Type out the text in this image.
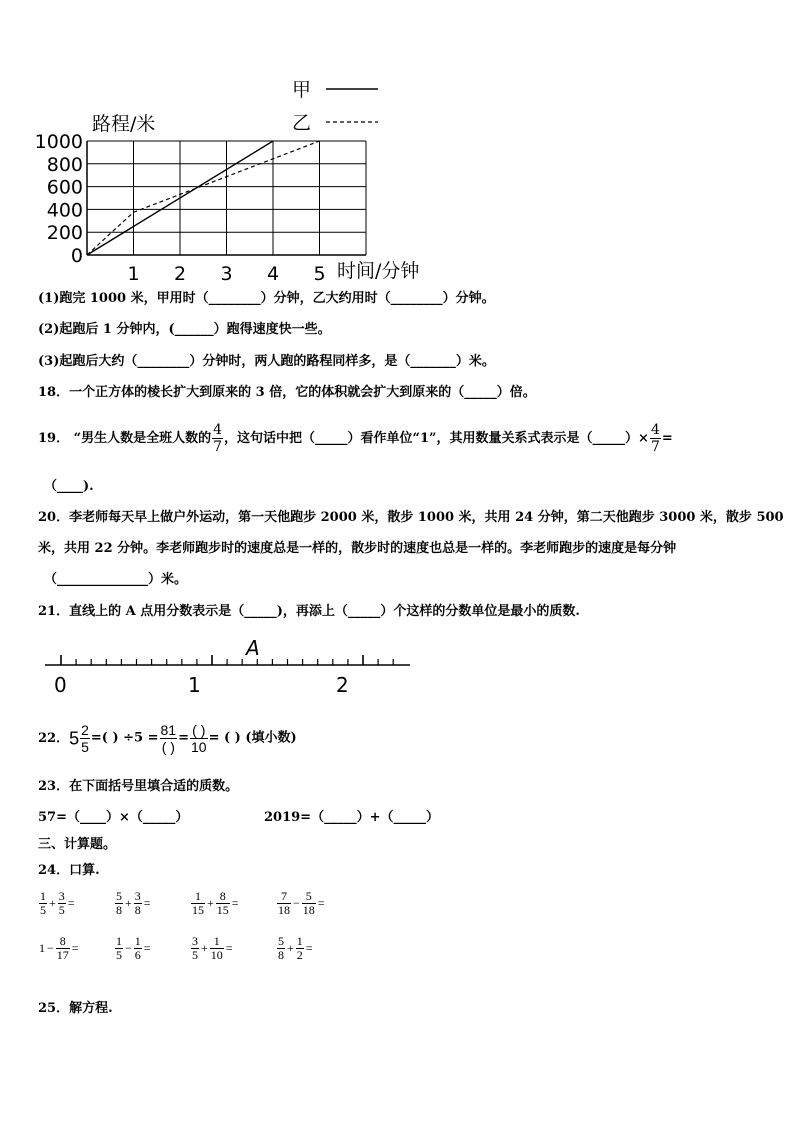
甲
乙
路程/米
时间/分钟
1 2 3 4 5
0
200
400
600
800
1000
(1)跑完 1000 米，甲用时（________）分钟，乙大约用时（________）分钟。
(2)起跑后 1 分钟内，(______）跑得速度快一些。
(3)起跑后大约（________）分钟时，两人跑的路程同样多，是（_______）米。
18．一个正方体的棱长扩大到原来的 3 倍，它的体积就会扩大到原来的（_____）倍。
19． “男生人数是全班人数的 $\frac{4}{7}$ ，这句话中把（_____）看作单位“1”，其用数量关系式表示是（_____）× $\frac{4}{7}$ =
（____).
20．李老师每天早上做户外运动，第一天他跑步 2000 米，散步 1000 米，共用 24 分钟，第二天他跑步 3000 米，散步 500
米，共用 22 分钟。李老师跑步时的速度总是一样的，散步时的速度也总是一样的。李老师跑步的速度是每分钟
（______________）米。
21．直线上的 A 点用分数表示是（_____)，再添上（_____）个这样的分数单位是最小的质数.
A
0	1	2
22．$5 \frac{2}{5}$ =( ) $\div 5 = \frac{81}{( )} = \frac{( )}{10}$ = ( ) (填小数)
23．在下面括号里填合适的质数。
57=（____）×（_____）	2019=（_____）+（_____）
三、计算题。
24．口算.
$\frac{1}{5} + \frac{3}{5}$ =	$\frac{5}{8} + \frac{3}{8}$ =	$\frac{1}{15} + \frac{8}{15}$ =	$\frac{7}{18} - \frac{5}{18}$ =
$1 - \frac{8}{17}$ =	$\frac{1}{5} - \frac{1}{6}$ =	$\frac{3}{5} + \frac{1}{10}$ =	$\frac{5}{8} + \frac{1}{2}$ =
25．解方程.
